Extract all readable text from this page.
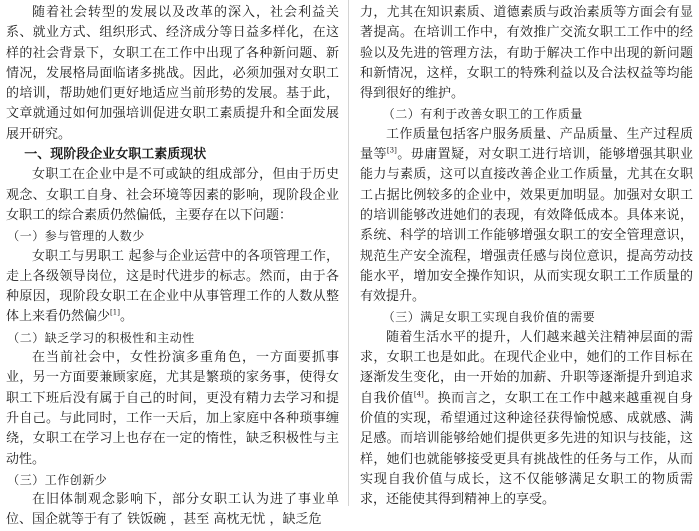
随着社会转型的发展以及改革的深入，社会利益关系、就业方式、组织形式、经济成分等日益多样化，在这样的社会背景下，女职工在工作中出现了各种新问题、新情况，发展格局面临诸多挑战。因此，必须加强对女职工的培训，帮助她们更好地适应当前形势的发展。基于此，文章就通过如何加强培训促进女职工素质提升和全面发展展开研究。

一、现阶段企业女职工素质现状

女职工在企业中是不可或缺的组成部分，但由于历史观念、女职工自身、社会环境等因素的影响，现阶段企业女职工的综合素质仍然偏低，主要存在以下问题：

（一）参与管理的人数少

女职工与男职工 起参与企业运营中的各项管理工作，走上各级领导岗位，这是时代进步的标志。然而，由于各种原因，现阶段女职工在企业中从事管理工作的人数从整体上来看仍然偏少[1]。

（二）缺乏学习的积极性和主动性

在当前社会中，女性扮演多重角色，一方面要抓事业，另一方面要兼顾家庭，尤其是繁琐的家务事，使得女职工下班后没有属于自己的时间，更没有精力去学习和提升自己。与此同时，工作一天后，加上家庭中各种琐事缠绕，女职工在学习上也存在一定的惰性，缺乏积极性与主动性。

（三）工作创新少

在旧体制观念影响下，部分女职工认为进了事业单位、国企就等于有了 铁饭碗 ，甚至 高枕无忧 ，缺乏危

力，尤其在知识素质、道德素质与政治素质等方面会有显著提高。在培训工作中，有效推广交流女职工工作中的经验以及先进的管理方法，有助于解决工作中出现的新问题和新情况，这样，女职工的特殊利益以及合法权益等均能得到很好的维护。

（二）有利于改善女职工的工作质量

工作质量包括客户服务质量、产品质量、生产过程质量等[3]。毋庸置疑，对女职工进行培训，能够增强其职业能力与素质，这可以直接改善企业工作质量，尤其在女职工占据比例较多的企业中，效果更加明显。加强对女职工的培训能够改进她们的表现，有效降低成本。具体来说，系统、科学的培训工作能够增强女职工的安全管理意识，规范生产安全流程，增强责任感与岗位意识，提高劳动技能水平，增加安全操作知识，从而实现女职工工作质量的有效提升。

（三）满足女职工实现自我价值的需要

随着生活水平的提升，人们越来越关注精神层面的需求，女职工也是如此。在现代企业中，她们的工作目标在逐渐发生变化，由一开始的加薪、升职等逐渐提升到追求自我价值[4]。换而言之，女职工在工作中越来越重视自身价值的实现，希望通过这种途径获得愉悦感、成就感、满足感。而培训能够给她们提供更多先进的知识与技能，这样，她们也就能够接受更具有挑战性的任务与工作，从而实现自我价值与成长，这不仅能够满足女职工的物质需求，还能使其得到精神上的享受。
